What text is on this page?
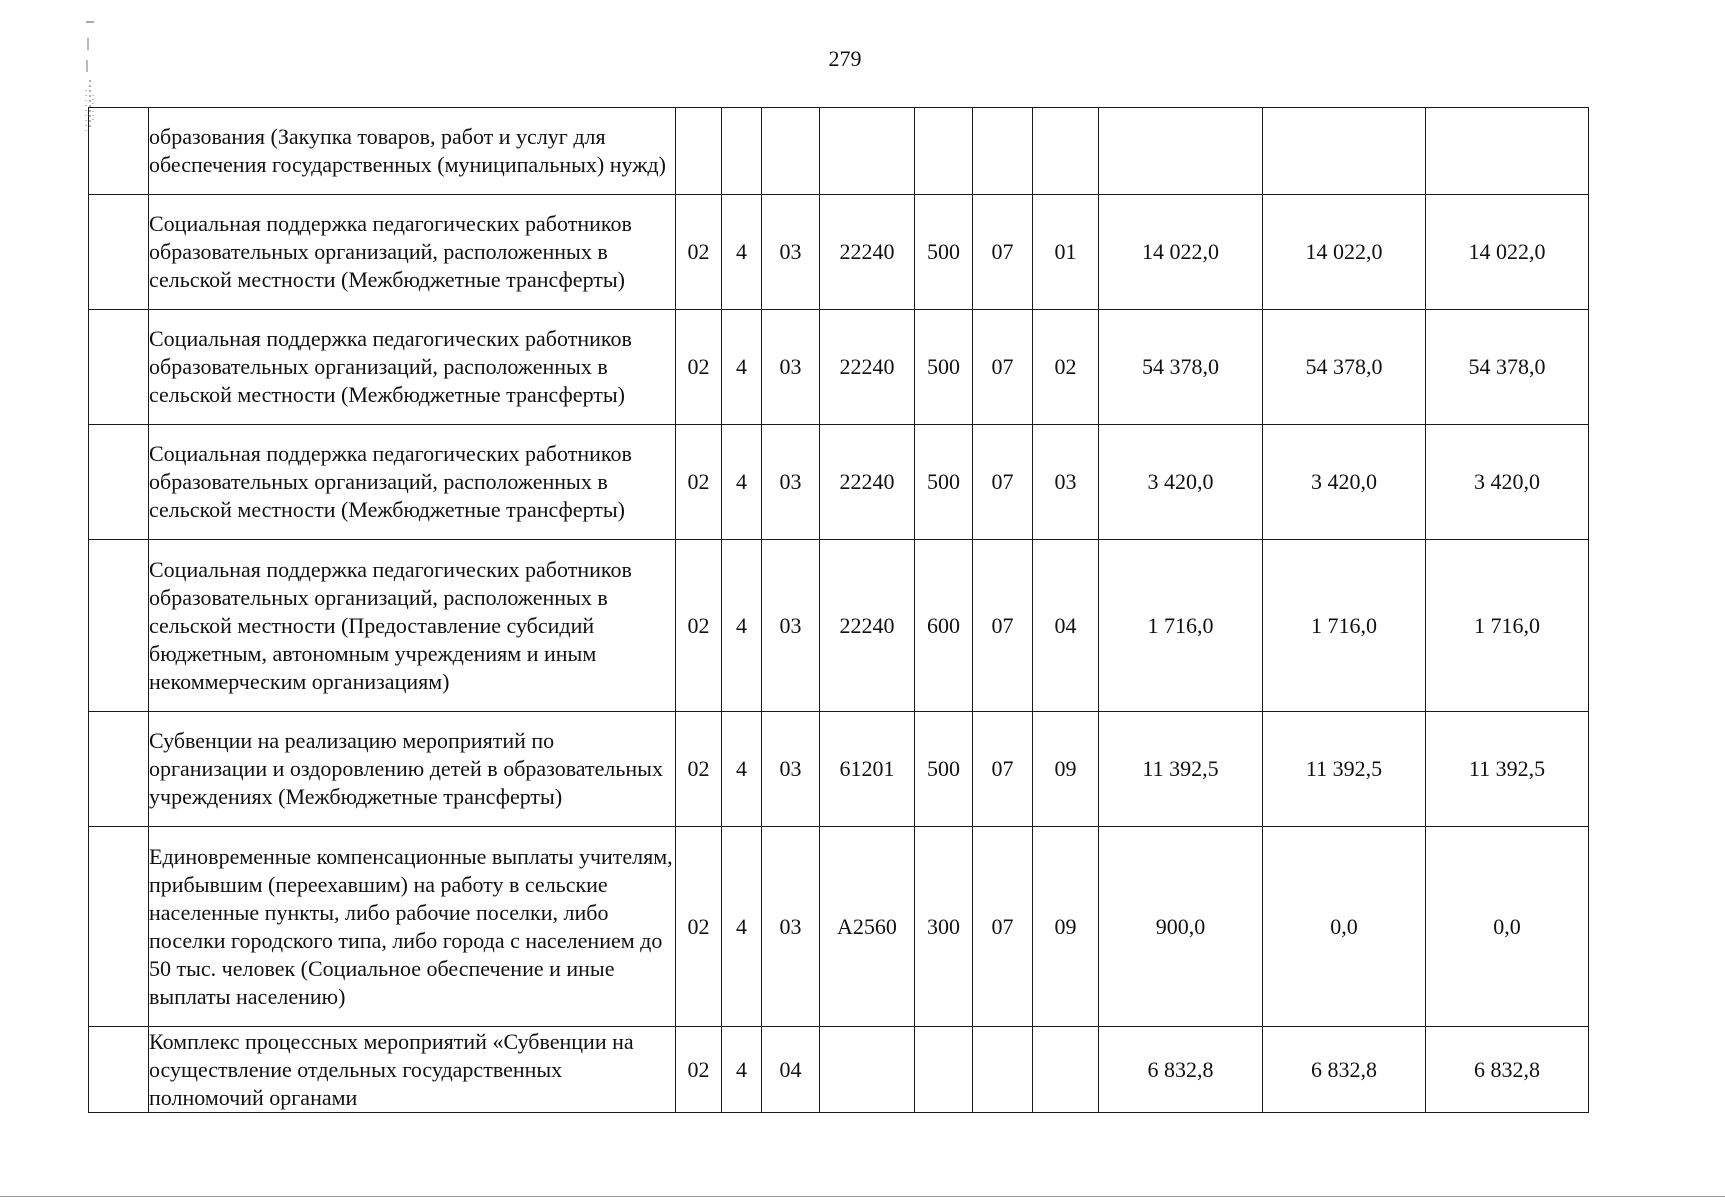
279
	образования (Закупка товаров, работ и услуг для обеспечения государственных (муниципальных) нужд)										
	Социальная поддержка педагогических работников образовательных организаций, расположенных в сельской местности (Межбюджетные трансферты)	02	4	03	22240	500	07	01	14 022,0	14 022,0	14 022,0
	Социальная поддержка педагогических работников образовательных организаций, расположенных в сельской местности (Межбюджетные трансферты)	02	4	03	22240	500	07	02	54 378,0	54 378,0	54 378,0
	Социальная поддержка педагогических работников образовательных организаций, расположенных в сельской местности (Межбюджетные трансферты)	02	4	03	22240	500	07	03	3 420,0	3 420,0	3 420,0
	Социальная поддержка педагогических работников образовательных организаций, расположенных в сельской местности (Предоставление субсидий бюджетным, автономным учреждениям и иным некоммерческим организациям)	02	4	03	22240	600	07	04	1 716,0	1 716,0	1 716,0
	Субвенции на реализацию мероприятий по организации и оздоровлению детей в образовательных учреждениях (Межбюджетные трансферты)	02	4	03	61201	500	07	09	11 392,5	11 392,5	11 392,5
	Единовременные компенсационные выплаты учителям, прибывшим (переехавшим) на работу в сельские населенные пункты, либо рабочие поселки, либо поселки городского типа, либо города с населением до 50 тыс. человек (Социальное обеспечение и иные выплаты населению)	02	4	03	А2560	300	07	09	900,0	0,0	0,0
	Комплекс процессных мероприятий «Субвенции на осуществление отдельных государственных полномочий органами	02	4	04					6 832,8	6 832,8	6 832,8
